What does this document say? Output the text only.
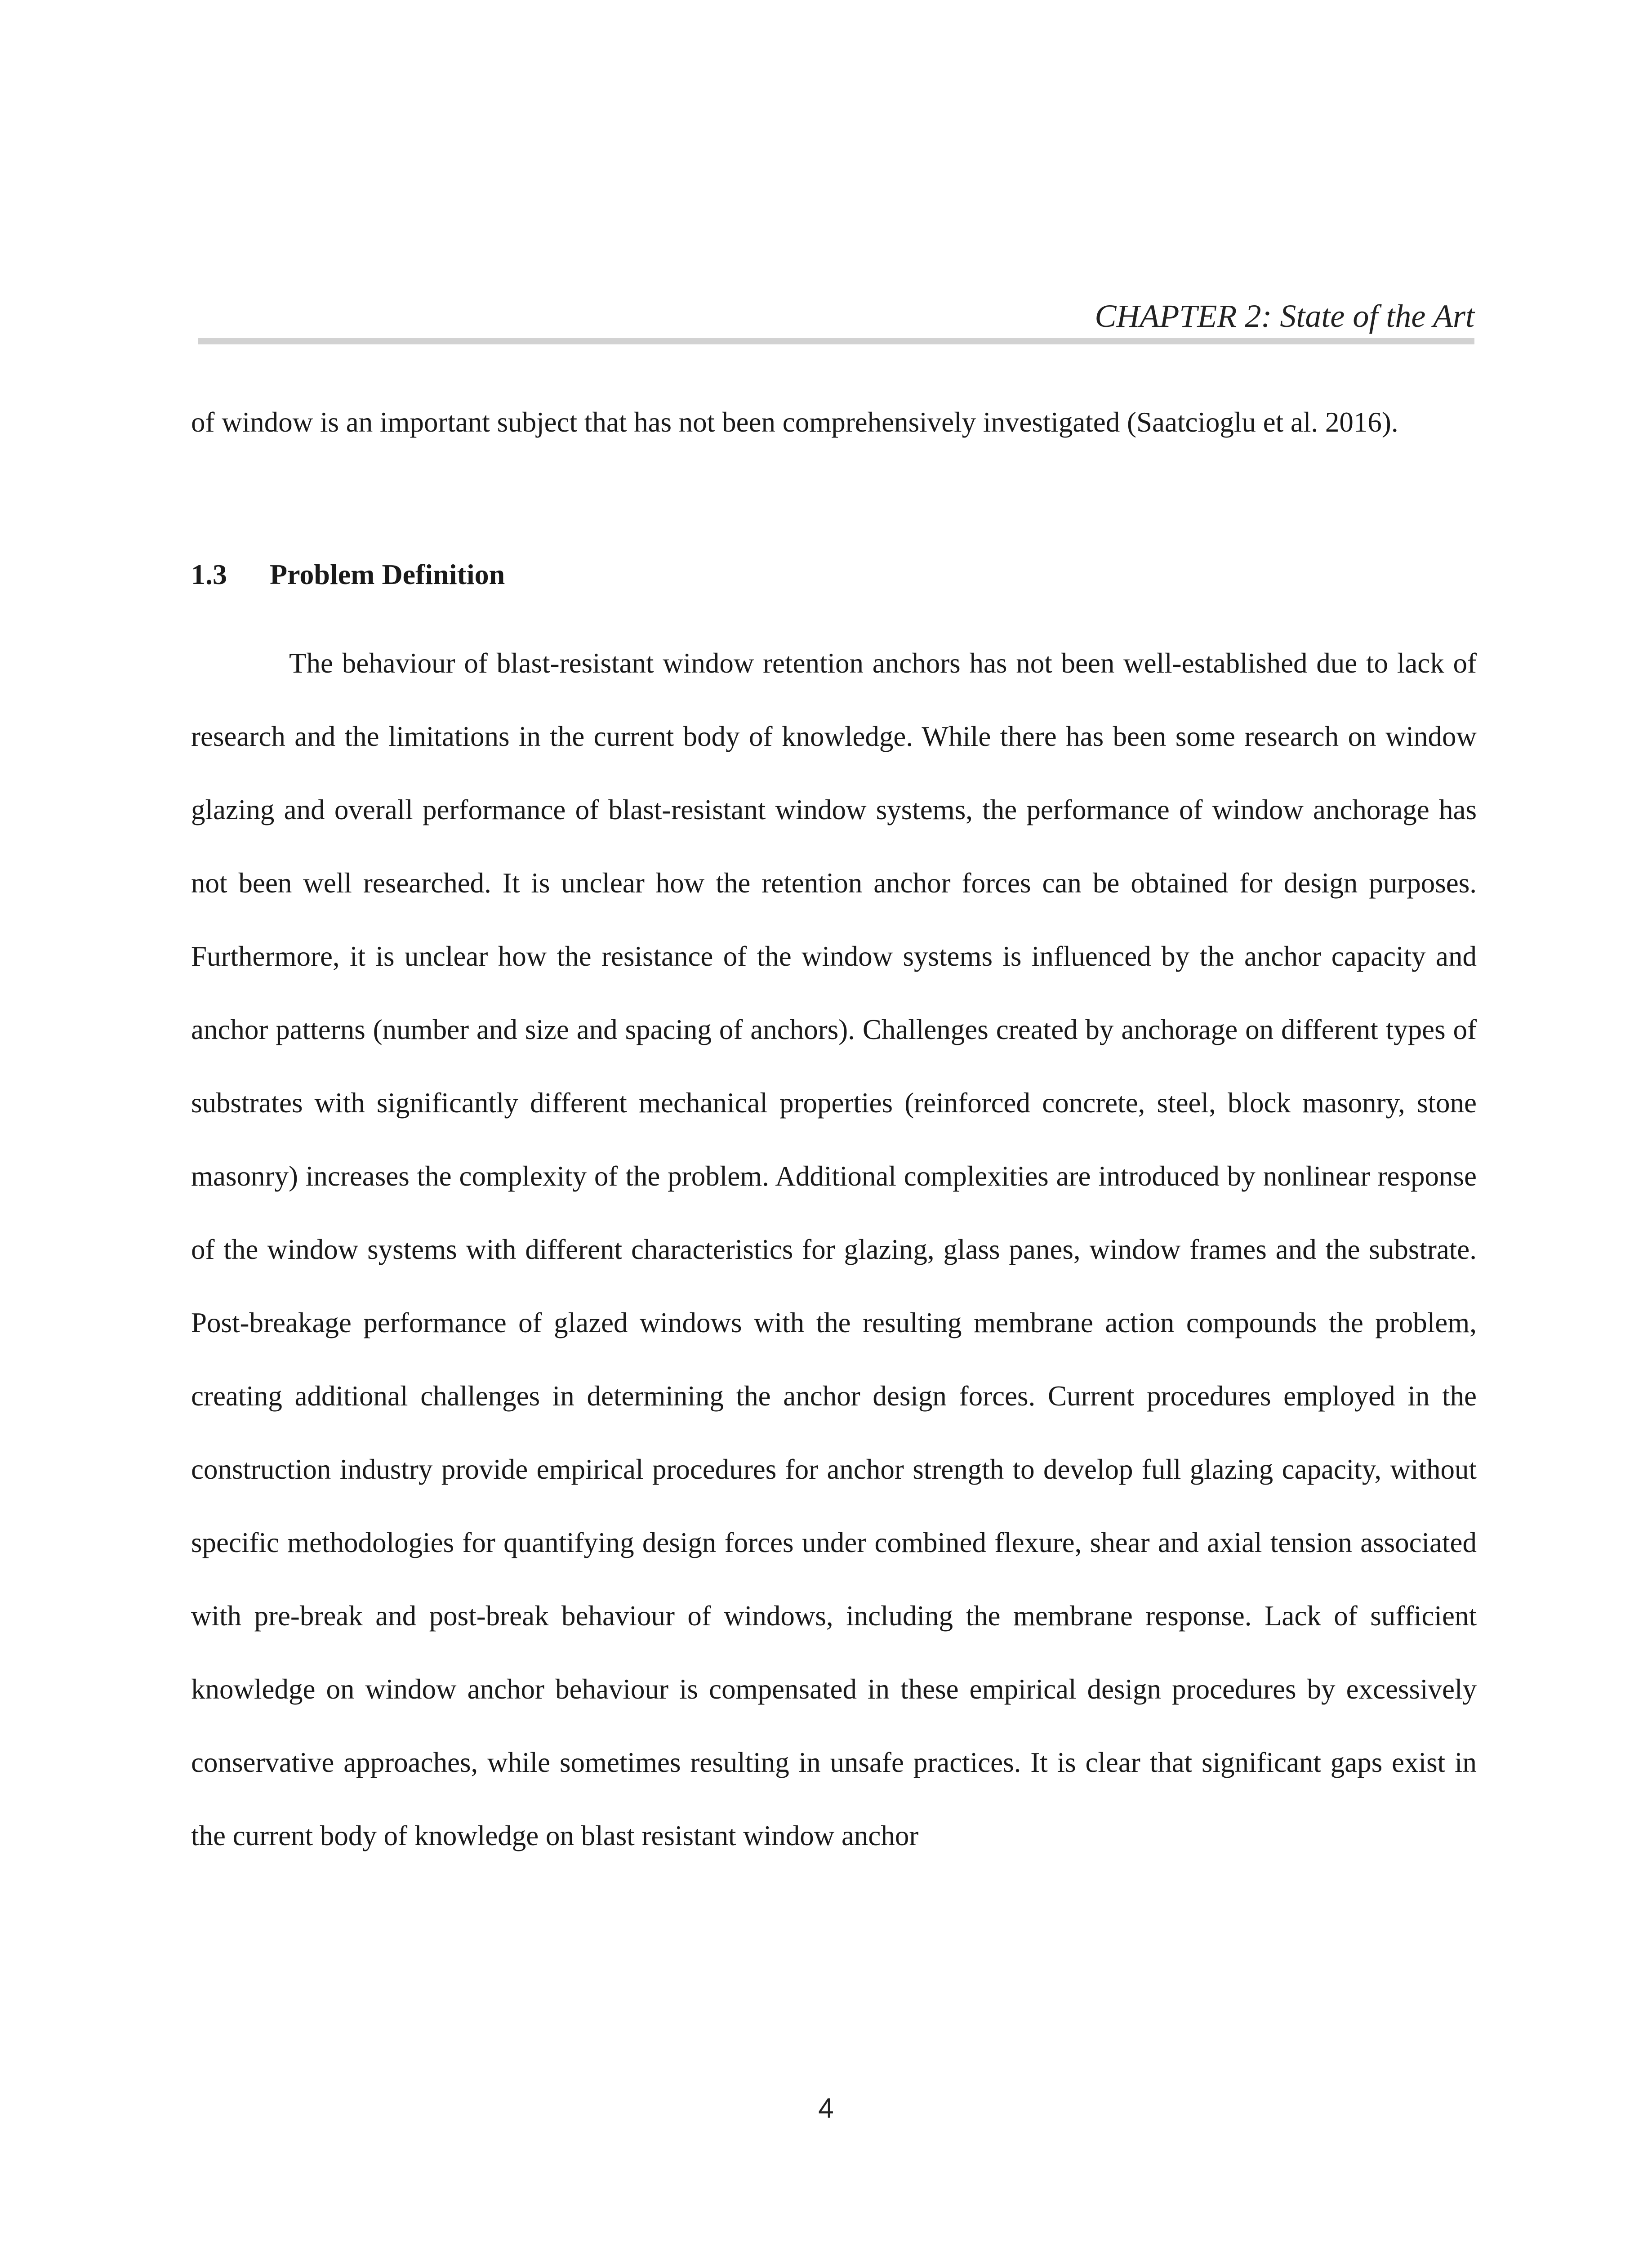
CHAPTER 2: State of the Art

of window is an important subject that has not been comprehensively investigated (Saatcioglu et al. 2016).

1.3 Problem Definition

The behaviour of blast-resistant window retention anchors has not been well-established due to lack of research and the limitations in the current body of knowledge. While there has been some research on window glazing and overall performance of blast-resistant window systems, the performance of window anchorage has not been well researched. It is unclear how the retention anchor forces can be obtained for design purposes. Furthermore, it is unclear how the resistance of the window systems is influenced by the anchor capacity and anchor patterns (number and size and spacing of anchors). Challenges created by anchorage on different types of substrates with significantly different mechanical properties (reinforced concrete, steel, block masonry, stone masonry) increases the complexity of the problem. Additional complexities are introduced by nonlinear response of the window systems with different characteristics for glazing, glass panes, window frames and the substrate. Post-breakage performance of glazed windows with the resulting membrane action compounds the problem, creating additional challenges in determining the anchor design forces. Current procedures employed in the construction industry provide empirical procedures for anchor strength to develop full glazing capacity, without specific methodologies for quantifying design forces under combined flexure, shear and axial tension associated with pre-break and post-break behaviour of windows, including the membrane response. Lack of sufficient knowledge on window anchor behaviour is compensated in these empirical design procedures by excessively conservative approaches, while sometimes resulting in unsafe practices. It is clear that significant gaps exist in the current body of knowledge on blast resistant window anchor

4
